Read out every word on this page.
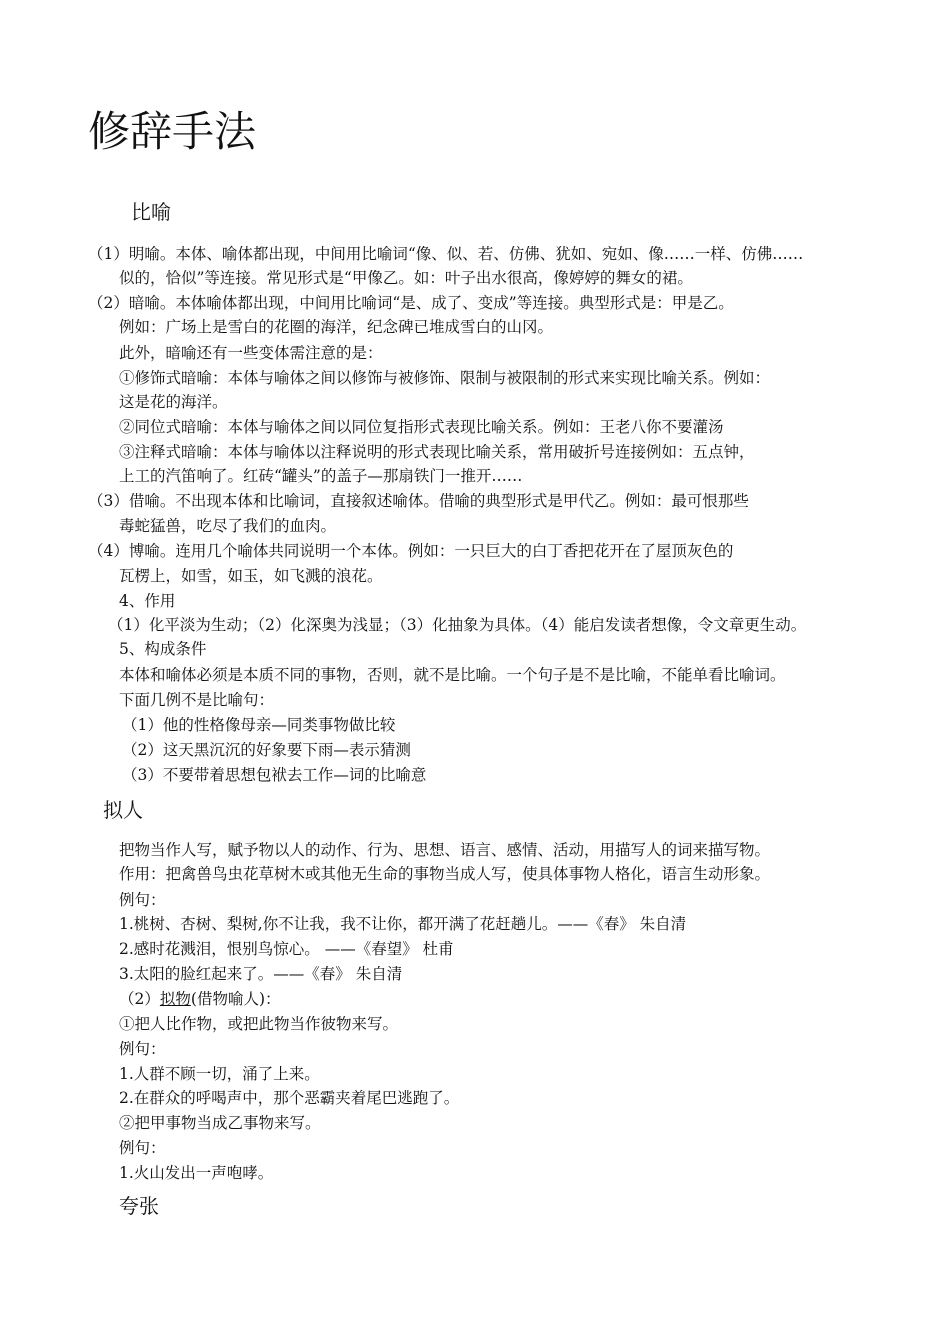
修辞手法
比喻
（1）明喻。本体、喻体都出现，中间用比喻词“像、似、若、仿佛、犹如、宛如、像……一样、仿佛……
似的，恰似”等连接。常见形式是“甲像乙。如：叶子出水很高，像婷婷的舞女的裙。
（2）暗喻。本体喻体都出现，中间用比喻词“是、成了、变成”等连接。典型形式是：甲是乙。
例如：广场上是雪白的花圈的海洋，纪念碑已堆成雪白的山冈。
此外，暗喻还有一些变体需注意的是：
①修饰式暗喻：本体与喻体之间以修饰与被修饰、限制与被限制的形式来实现比喻关系。例如：
这是花的海洋。
②同位式暗喻：本体与喻体之间以同位复指形式表现比喻关系。例如：王老八你不要灌汤
③注释式暗喻：本体与喻体以注释说明的形式表现比喻关系，常用破折号连接例如：五点钟，
上工的汽笛响了。红砖“罐头”的盖子—那扇铁门一推开……
（3）借喻。不出现本体和比喻词，直接叙述喻体。借喻的典型形式是甲代乙。例如：最可恨那些
毒蛇猛兽，吃尽了我们的血肉。
（4）博喻。连用几个喻体共同说明一个本体。例如：一只巨大的白丁香把花开在了屋顶灰色的
瓦楞上，如雪，如玉，如飞溅的浪花。
4、作用
（1）化平淡为生动；（2）化深奥为浅显；（3）化抽象为具体。（4）能启发读者想像，令文章更生动。
5、构成条件
本体和喻体必须是本质不同的事物，否则，就不是比喻。一个句子是不是比喻，不能单看比喻词。
下面几例不是比喻句：
（1）他的性格像母亲—同类事物做比较
（2）这天黑沉沉的好象要下雨—表示猜测
（3）不要带着思想包袱去工作—词的比喻意
拟人
把物当作人写，赋予物以人的动作、行为、思想、语言、感情、活动，用描写人的词来描写物。
作用：把禽兽鸟虫花草树木或其他无生命的事物当成人写，使具体事物人格化，语言生动形象。
例句：
1.桃树、杏树、梨树,你不让我，我不让你，都开满了花赶趟儿。——《春》 朱自清
2.感时花溅泪，恨别鸟惊心。 ——《春望》 杜甫
3.太阳的脸红起来了。——《春》 朱自清
（2）拟物(借物喻人)：
①把人比作物，或把此物当作彼物来写。
例句：
1.人群不顾一切，涌了上来。
2.在群众的呼喝声中，那个恶霸夹着尾巴逃跑了。
②把甲事物当成乙事物来写。
例句：
1.火山发出一声咆哮。
夸张
